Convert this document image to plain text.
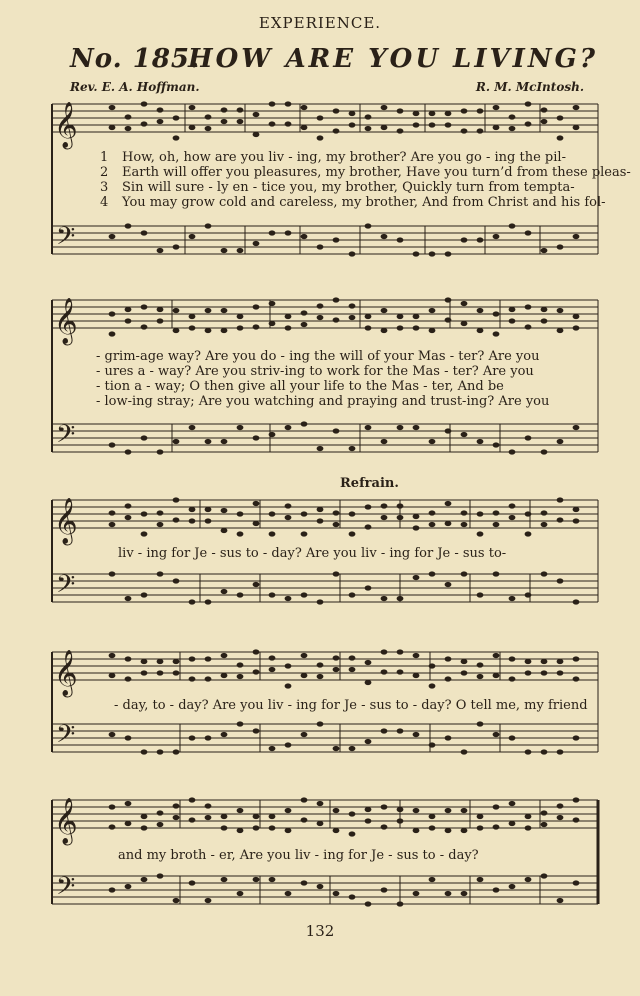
EXPERIENCE.
No. 185.
HOW ARE YOU LIVING?
Rev. E. A. Hoffman.	R. M. McIntosh.
𝄞
𝄢
𝄞
𝄢
𝄞
𝄢
𝄞
𝄢
𝄞
𝄢
1 How, oh, how are you liv - ing, my brother? Are you go - ing the pil-
2 Earth will offer you pleasures, my brother, Have you turn’d from these pleas-
3 Sin will sure - ly en - tice you, my brother, Quickly turn from tempta-
4 You may grow cold and careless, my brother, And from Christ and his fol-
- grim-age way? Are you do - ing the will of your Mas - ter? Are you
- ures a - way? Are you striv-ing to work for the Mas - ter? Are you
- tion a - way; O then give all your life to the Mas - ter, And be
- low-ing stray; Are you watching and praying and trust-ing? Are you
Refrain.
liv - ing for Je - sus to - day? Are you liv - ing for Je - sus to-
- day, to - day? Are you liv - ing for Je - sus to - day? O tell me, my friend
and my broth - er, Are you liv - ing for Je - sus to - day?
132
